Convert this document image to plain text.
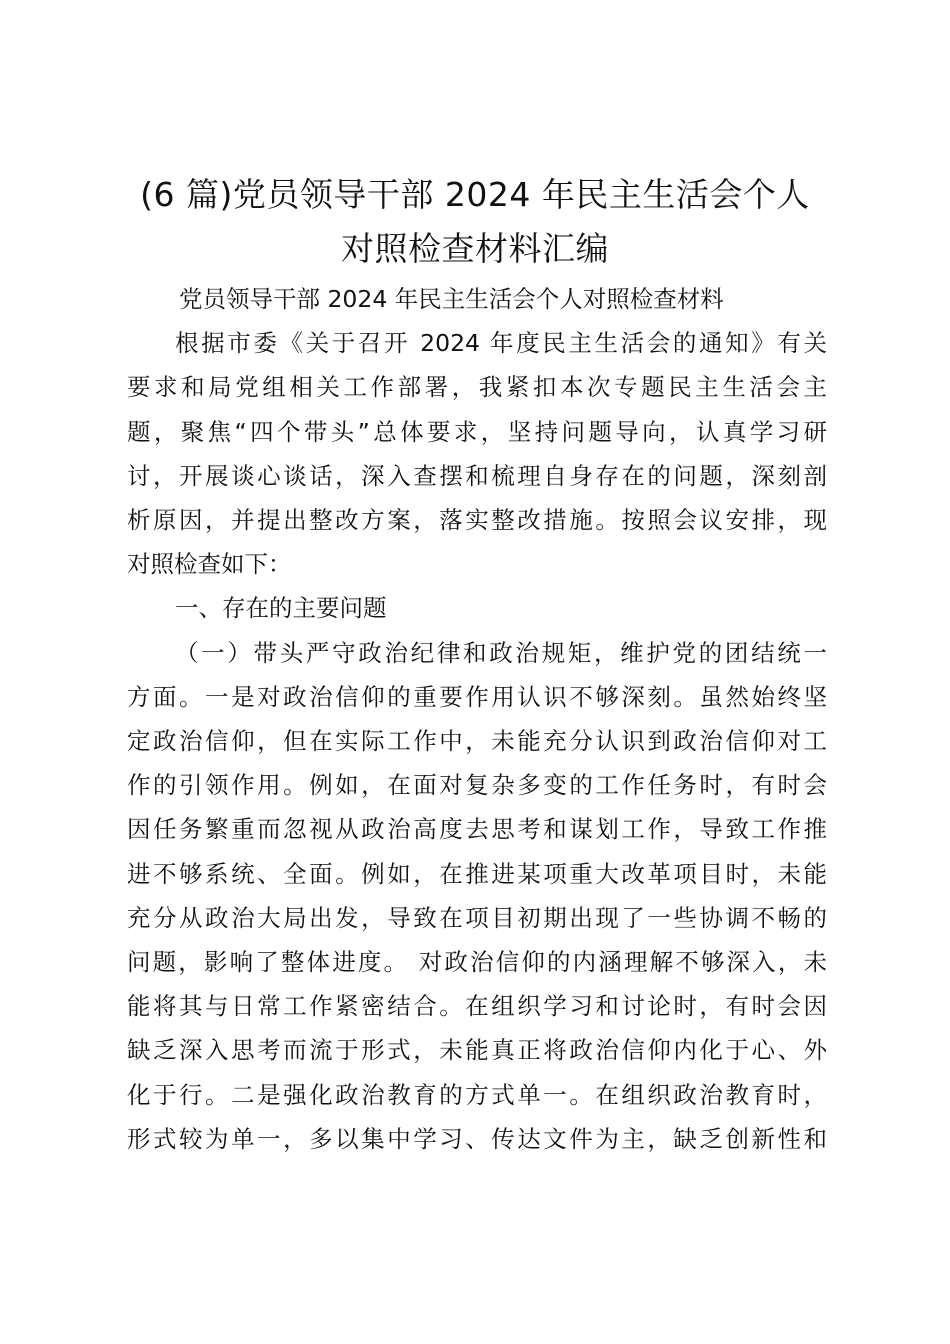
(6 篇)党员领导干部 2024 年民主生活会个人
对照检查材料汇编

党员领导干部 2024 年民主生活会个人对照检查材料

根据市委《关于召开 2024 年度民主生活会的通知》有关
要求和局党组相关工作部署，我紧扣本次专题民主生活会主
题，聚焦“四个带头”总体要求，坚持问题导向，认真学习研
讨，开展谈心谈话，深入查摆和梳理自身存在的问题，深刻剖
析原因，并提出整改方案，落实整改措施。按照会议安排，现
对照检查如下：

一、存在的主要问题

（一）带头严守政治纪律和政治规矩，维护党的团结统一
方面。一是对政治信仰的重要作用认识不够深刻。虽然始终坚
定政治信仰，但在实际工作中，未能充分认识到政治信仰对工
作的引领作用。例如，在面对复杂多变的工作任务时，有时会
因任务繁重而忽视从政治高度去思考和谋划工作，导致工作推
进不够系统、全面。例如，在推进某项重大改革项目时，未能
充分从政治大局出发，导致在项目初期出现了一些协调不畅的
问题，影响了整体进度。 对政治信仰的内涵理解不够深入，未
能将其与日常工作紧密结合。在组织学习和讨论时，有时会因
缺乏深入思考而流于形式，未能真正将政治信仰内化于心、外
化于行。二是强化政治教育的方式单一。在组织政治教育时，
形式较为单一，多以集中学习、传达文件为主，缺乏创新性和
